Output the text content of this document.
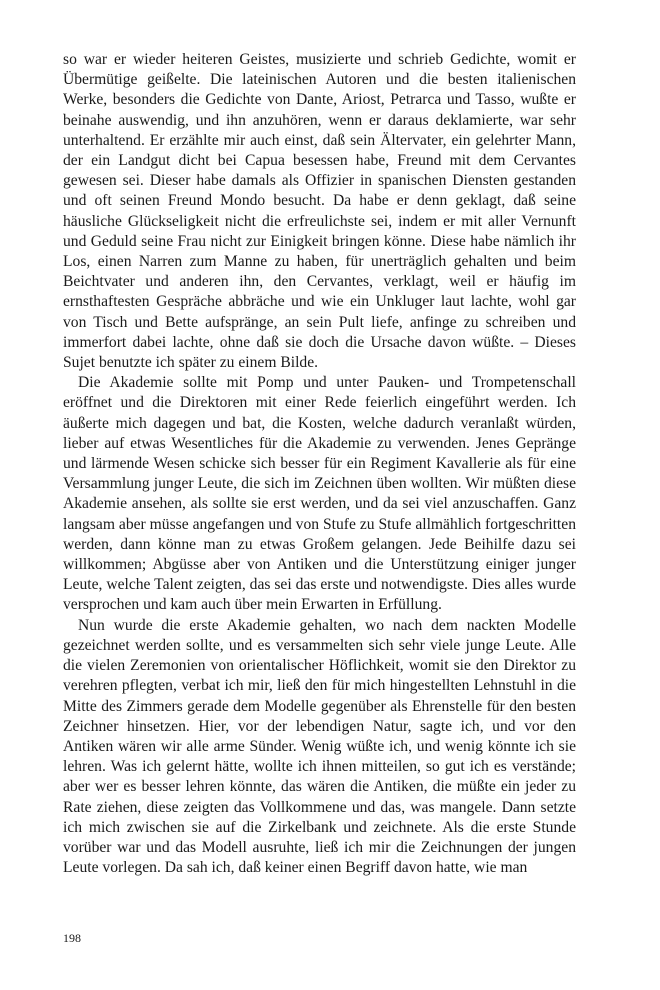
so war er wieder heiteren Geistes, musizierte und schrieb Gedichte, womit er Übermütige geißelte. Die lateinischen Autoren und die besten italienischen Werke, besonders die Gedichte von Dante, Ariost, Petrarca und Tasso, wußte er beinahe auswendig, und ihn anzuhören, wenn er daraus deklamierte, war sehr unterhaltend. Er erzählte mir auch einst, daß sein Ältervater, ein gelehrter Mann, der ein Landgut dicht bei Capua besessen habe, Freund mit dem Cervantes gewesen sei. Dieser habe damals als Offizier in spanischen Diensten gestanden und oft seinen Freund Mondo besucht. Da habe er denn geklagt, daß seine häusliche Glückseligkeit nicht die erfreulichste sei, indem er mit aller Vernunft und Geduld seine Frau nicht zur Einigkeit bringen könne. Diese habe nämlich ihr Los, einen Narren zum Manne zu haben, für unerträglich gehalten und beim Beichtvater und anderen ihn, den Cervantes, verklagt, weil er häufig im ernsthaftesten Gespräche abbräche und wie ein Unkluger laut lachte, wohl gar von Tisch und Bette aufspränge, an sein Pult liefe, anfinge zu schreiben und immerfort dabei lachte, ohne daß sie doch die Ursache davon wüßte. – Dieses Sujet benutzte ich später zu einem Bilde.

Die Akademie sollte mit Pomp und unter Pauken- und Trompetenschall eröffnet und die Direktoren mit einer Rede feierlich eingeführt werden. Ich äußerte mich dagegen und bat, die Kosten, welche dadurch veranlaßt würden, lieber auf etwas Wesentliches für die Akademie zu verwenden. Jenes Gepränge und lärmende Wesen schicke sich besser für ein Regiment Kavallerie als für eine Versammlung junger Leute, die sich im Zeichnen üben wollten. Wir müßten diese Akademie ansehen, als sollte sie erst werden, und da sei viel anzuschaffen. Ganz langsam aber müsse angefangen und von Stufe zu Stufe allmählich fortgeschritten werden, dann könne man zu etwas Großem gelangen. Jede Beihilfe dazu sei willkommen; Abgüsse aber von Antiken und die Unterstützung einiger junger Leute, welche Talent zeigten, das sei das erste und notwendigste. Dies alles wurde versprochen und kam auch über mein Erwarten in Erfüllung.

Nun wurde die erste Akademie gehalten, wo nach dem nackten Modelle gezeichnet werden sollte, und es versammelten sich sehr viele junge Leute. Alle die vielen Zeremonien von orientalischer Höflichkeit, womit sie den Direktor zu verehren pflegten, verbat ich mir, ließ den für mich hingestellten Lehnstuhl in die Mitte des Zimmers gerade dem Modelle gegenüber als Ehrenstelle für den besten Zeichner hinsetzen. Hier, vor der lebendigen Natur, sagte ich, und vor den Antiken wären wir alle arme Sünder. Wenig wüßte ich, und wenig könnte ich sie lehren. Was ich gelernt hätte, wollte ich ihnen mitteilen, so gut ich es verstände; aber wer es besser lehren könnte, das wären die Antiken, die müßte ein jeder zu Rate ziehen, diese zeigten das Vollkommene und das, was mangele. Dann setzte ich mich zwischen sie auf die Zirkelbank und zeichnete. Als die erste Stunde vorüber war und das Modell ausruhte, ließ ich mir die Zeichnungen der jungen Leute vorlegen. Da sah ich, daß keiner einen Begriff davon hatte, wie man

198
